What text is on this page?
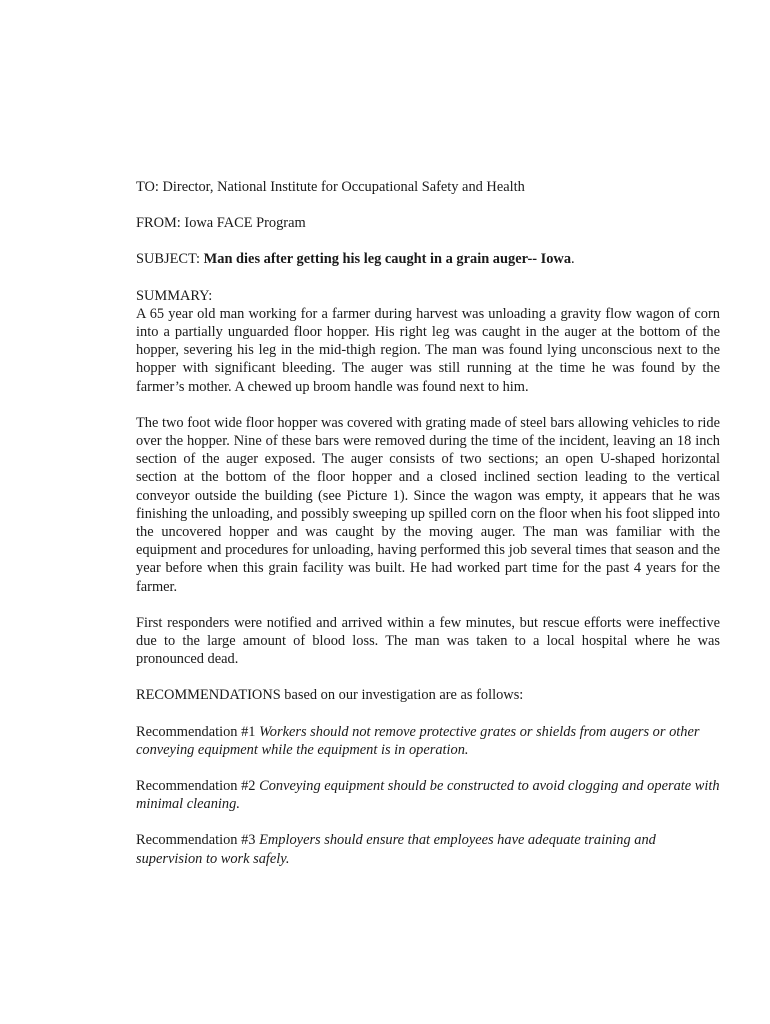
TO: Director, National Institute for Occupational Safety and Health

FROM: Iowa FACE Program

SUBJECT: Man dies after getting his leg caught in a grain auger-- Iowa.

SUMMARY:
A 65 year old man working for a farmer during harvest was unloading a gravity flow wagon of corn into a partially unguarded floor hopper. His right leg was caught in the auger at the bottom of the hopper, severing his leg in the mid-thigh region. The man was found lying unconscious next to the hopper with significant bleeding. The auger was still running at the time he was found by the farmer’s mother. A chewed up broom handle was found next to him.

The two foot wide floor hopper was covered with grating made of steel bars allowing vehicles to ride over the hopper. Nine of these bars were removed during the time of the incident, leaving an 18 inch section of the auger exposed. The auger consists of two sections; an open U-shaped horizontal section at the bottom of the floor hopper and a closed inclined section leading to the vertical conveyor outside the building (see Picture 1). Since the wagon was empty, it appears that he was finishing the unloading, and possibly sweeping up spilled corn on the floor when his foot slipped into the uncovered hopper and was caught by the moving auger. The man was familiar with the equipment and procedures for unloading, having performed this job several times that season and the year before when this grain facility was built. He had worked part time for the past 4 years for the farmer.

First responders were notified and arrived within a few minutes, but rescue efforts were ineffective due to the large amount of blood loss. The man was taken to a local hospital where he was pronounced dead.

RECOMMENDATIONS based on our investigation are as follows:

Recommendation #1 Workers should not remove protective grates or shields from augers or other conveying equipment while the equipment is in operation.

Recommendation #2 Conveying equipment should be constructed to avoid clogging and operate with minimal cleaning.

Recommendation #3 Employers should ensure that employees have adequate training and supervision to work safely.
